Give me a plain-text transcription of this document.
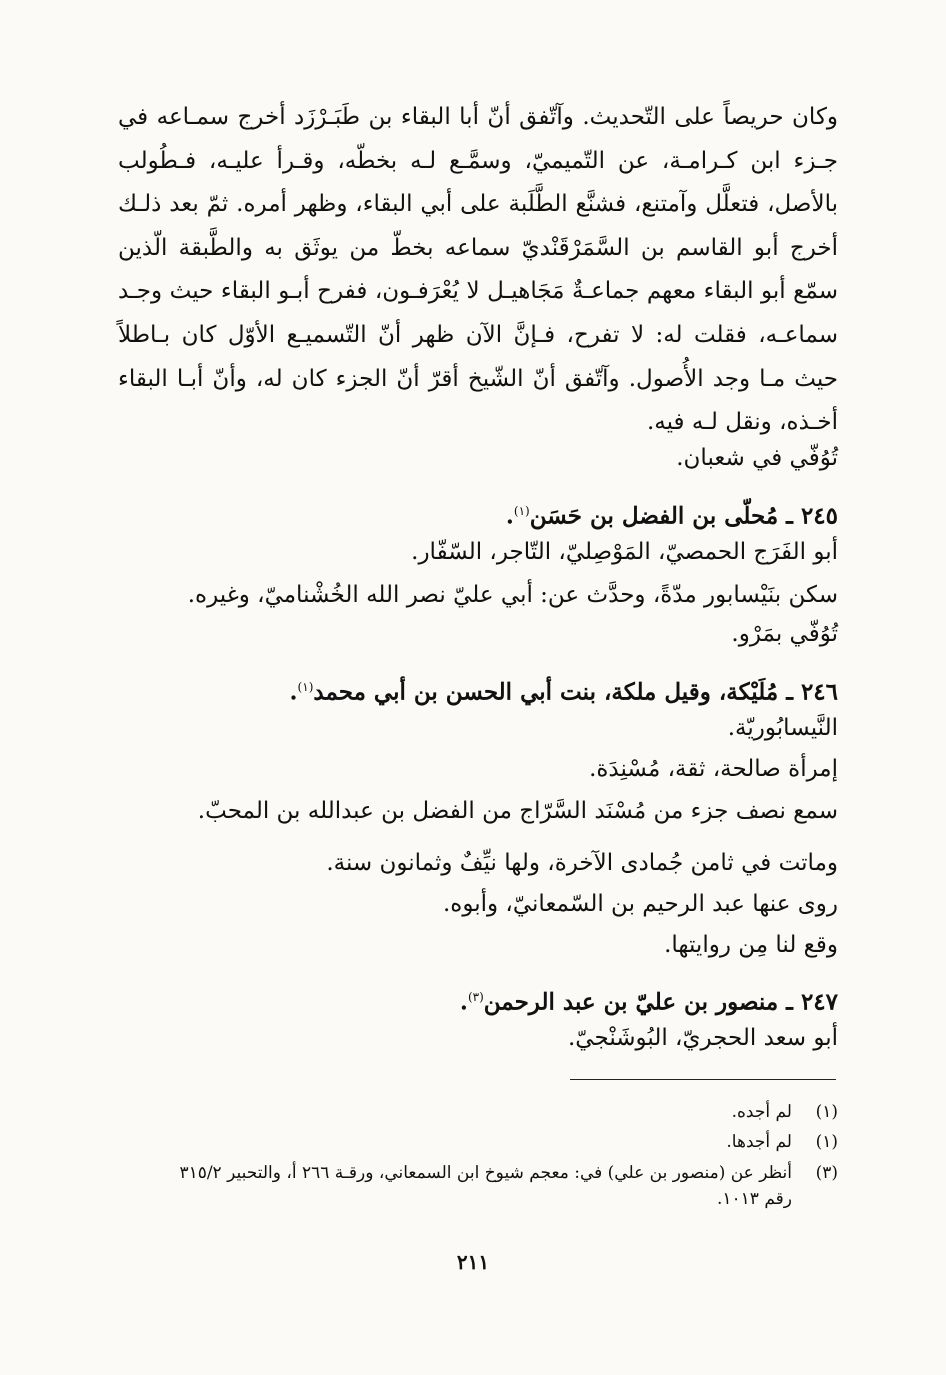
وكان حريصاً على التّحديث. وآتّفق أنّ أبا البقاء بن طَبَـرْزَد أخرج سمـاعه في جـزء ابن كـرامـة، عن التّميميّ، وسمَّـع لـه بخطّه، وقـرأ عليـه، فـطُولب بالأصل، فتعلَّل وآمتنع، فشنَّع الطَّلَبة على أبي البقاء، وظهر أمره. ثمّ بعد ذلـك أخرج أبو القاسم بن السَّمَرْقَنْديّ سماعه بخطّ من يوثَق به والطَّبقة الّذين سمّع أبو البقاء معهم جماعـةٌ مَجَاهيـل لا يُعْرَفـون، ففرح أبـو البقاء حيث وجـد سماعـه، فقلت له: لا تفرح، فـإنَّ الآن ظهر أنّ التّسميـع الأوّل كان بـاطلاً حيث مـا وجد الأُصول. وآتّفق أنّ الشّيخ أقرّ أنّ الجزء كان له، وأنّ أبـا البقاء أخـذه، ونقل لـه فيه.
تُوُفّي في شعبان.
٢٤٥ ـ مُحلّى بن الفضل بن حَسَن$^{(١)}$.
أبو الفَرَج الحمصيّ، المَوْصِليّ، التّاجر، السّفّار.
سكن بنَيْسابور مدّةً، وحدَّث عن: أبي عليّ نصر الله الخُشْناميّ، وغيره.
تُوُفّي بمَرْو.
٢٤٦ ـ مُلَيْكة، وقيل ملكة، بنت أبي الحسن بن أبي محمد$^{(١)}$.
النَّيسابُوريّة.
إمرأة صالحة، ثقة، مُسْنِدَة.
سمع نصف جزء من مُسْنَد السَّرّاج من الفضل بن عبدالله بن المحبّ.
وماتت في ثامن جُمادى الآخرة، ولها نيِّفٌ وثمانون سنة.
روى عنها عبد الرحيم بن السّمعانيّ، وأبوه.
وقع لنا مِن روايتها.
٢٤٧ ـ منصور بن عليّ بن عبد الرحمن$^{(٣)}$.
أبو سعد الحجريّ، البُوشَنْجيّ.
(١)لم أجده.
(١)لم أجدها.
(٣)أنظر عن (منصور بن علي) في: معجم شيوخ ابن السمعاني، ورقـة ٢٦٦ أ، والتحبير ٣١٥/٢
رقم ١٠١٣.
٢١١
